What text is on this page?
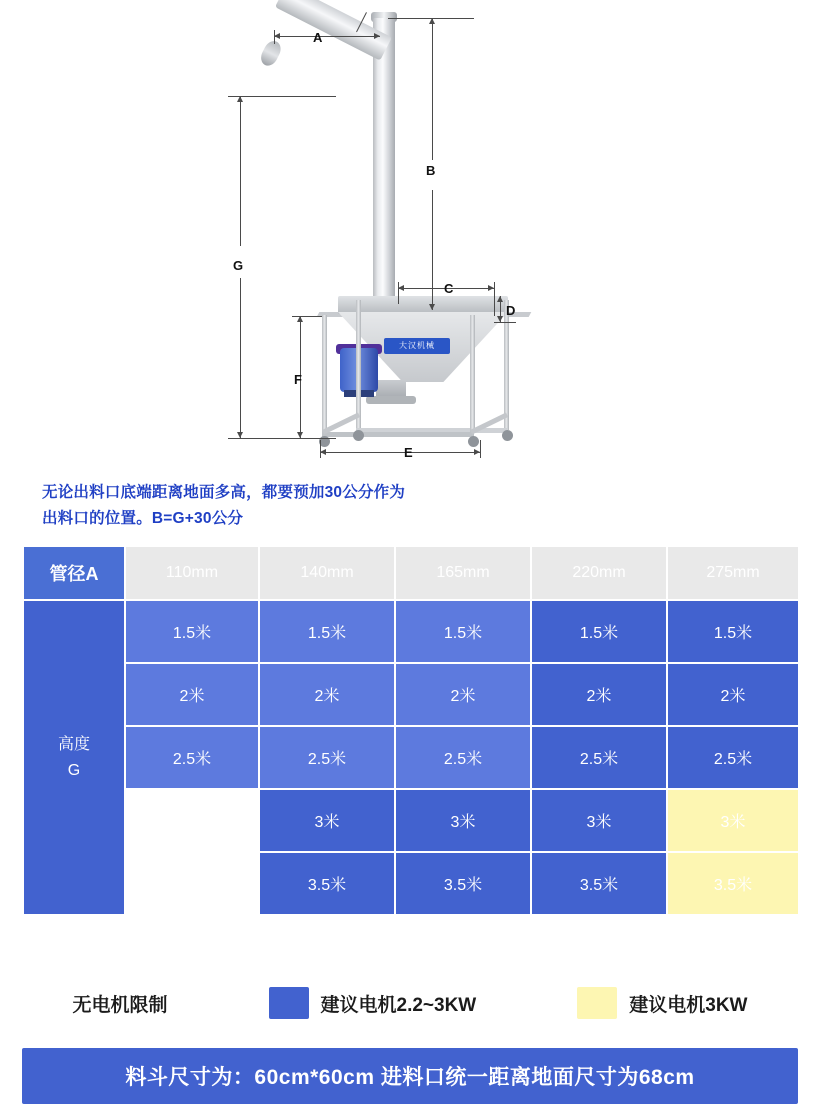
大汉机械
A
B
G
C
D
F
E
无论出料口底端距离地面多高，都要预加30公分作为
出料口的位置。B=G+30公分
管径A	110mm	140mm	165mm	220mm	275mm

高度
G	1.5米	1.5米	1.5米	1.5米	1.5米
	2米	2米	2米	2米	2米
	2.5米	2.5米	2.5米	2.5米	2.5米
		3米	3米	3米	3米
		3.5米	3.5米	3.5米	3.5米
无电机限制	建议电机2.2~3KW	建议电机3KW
料斗尺寸为：60cm*60cm 进料口统一距离地面尺寸为68cm
